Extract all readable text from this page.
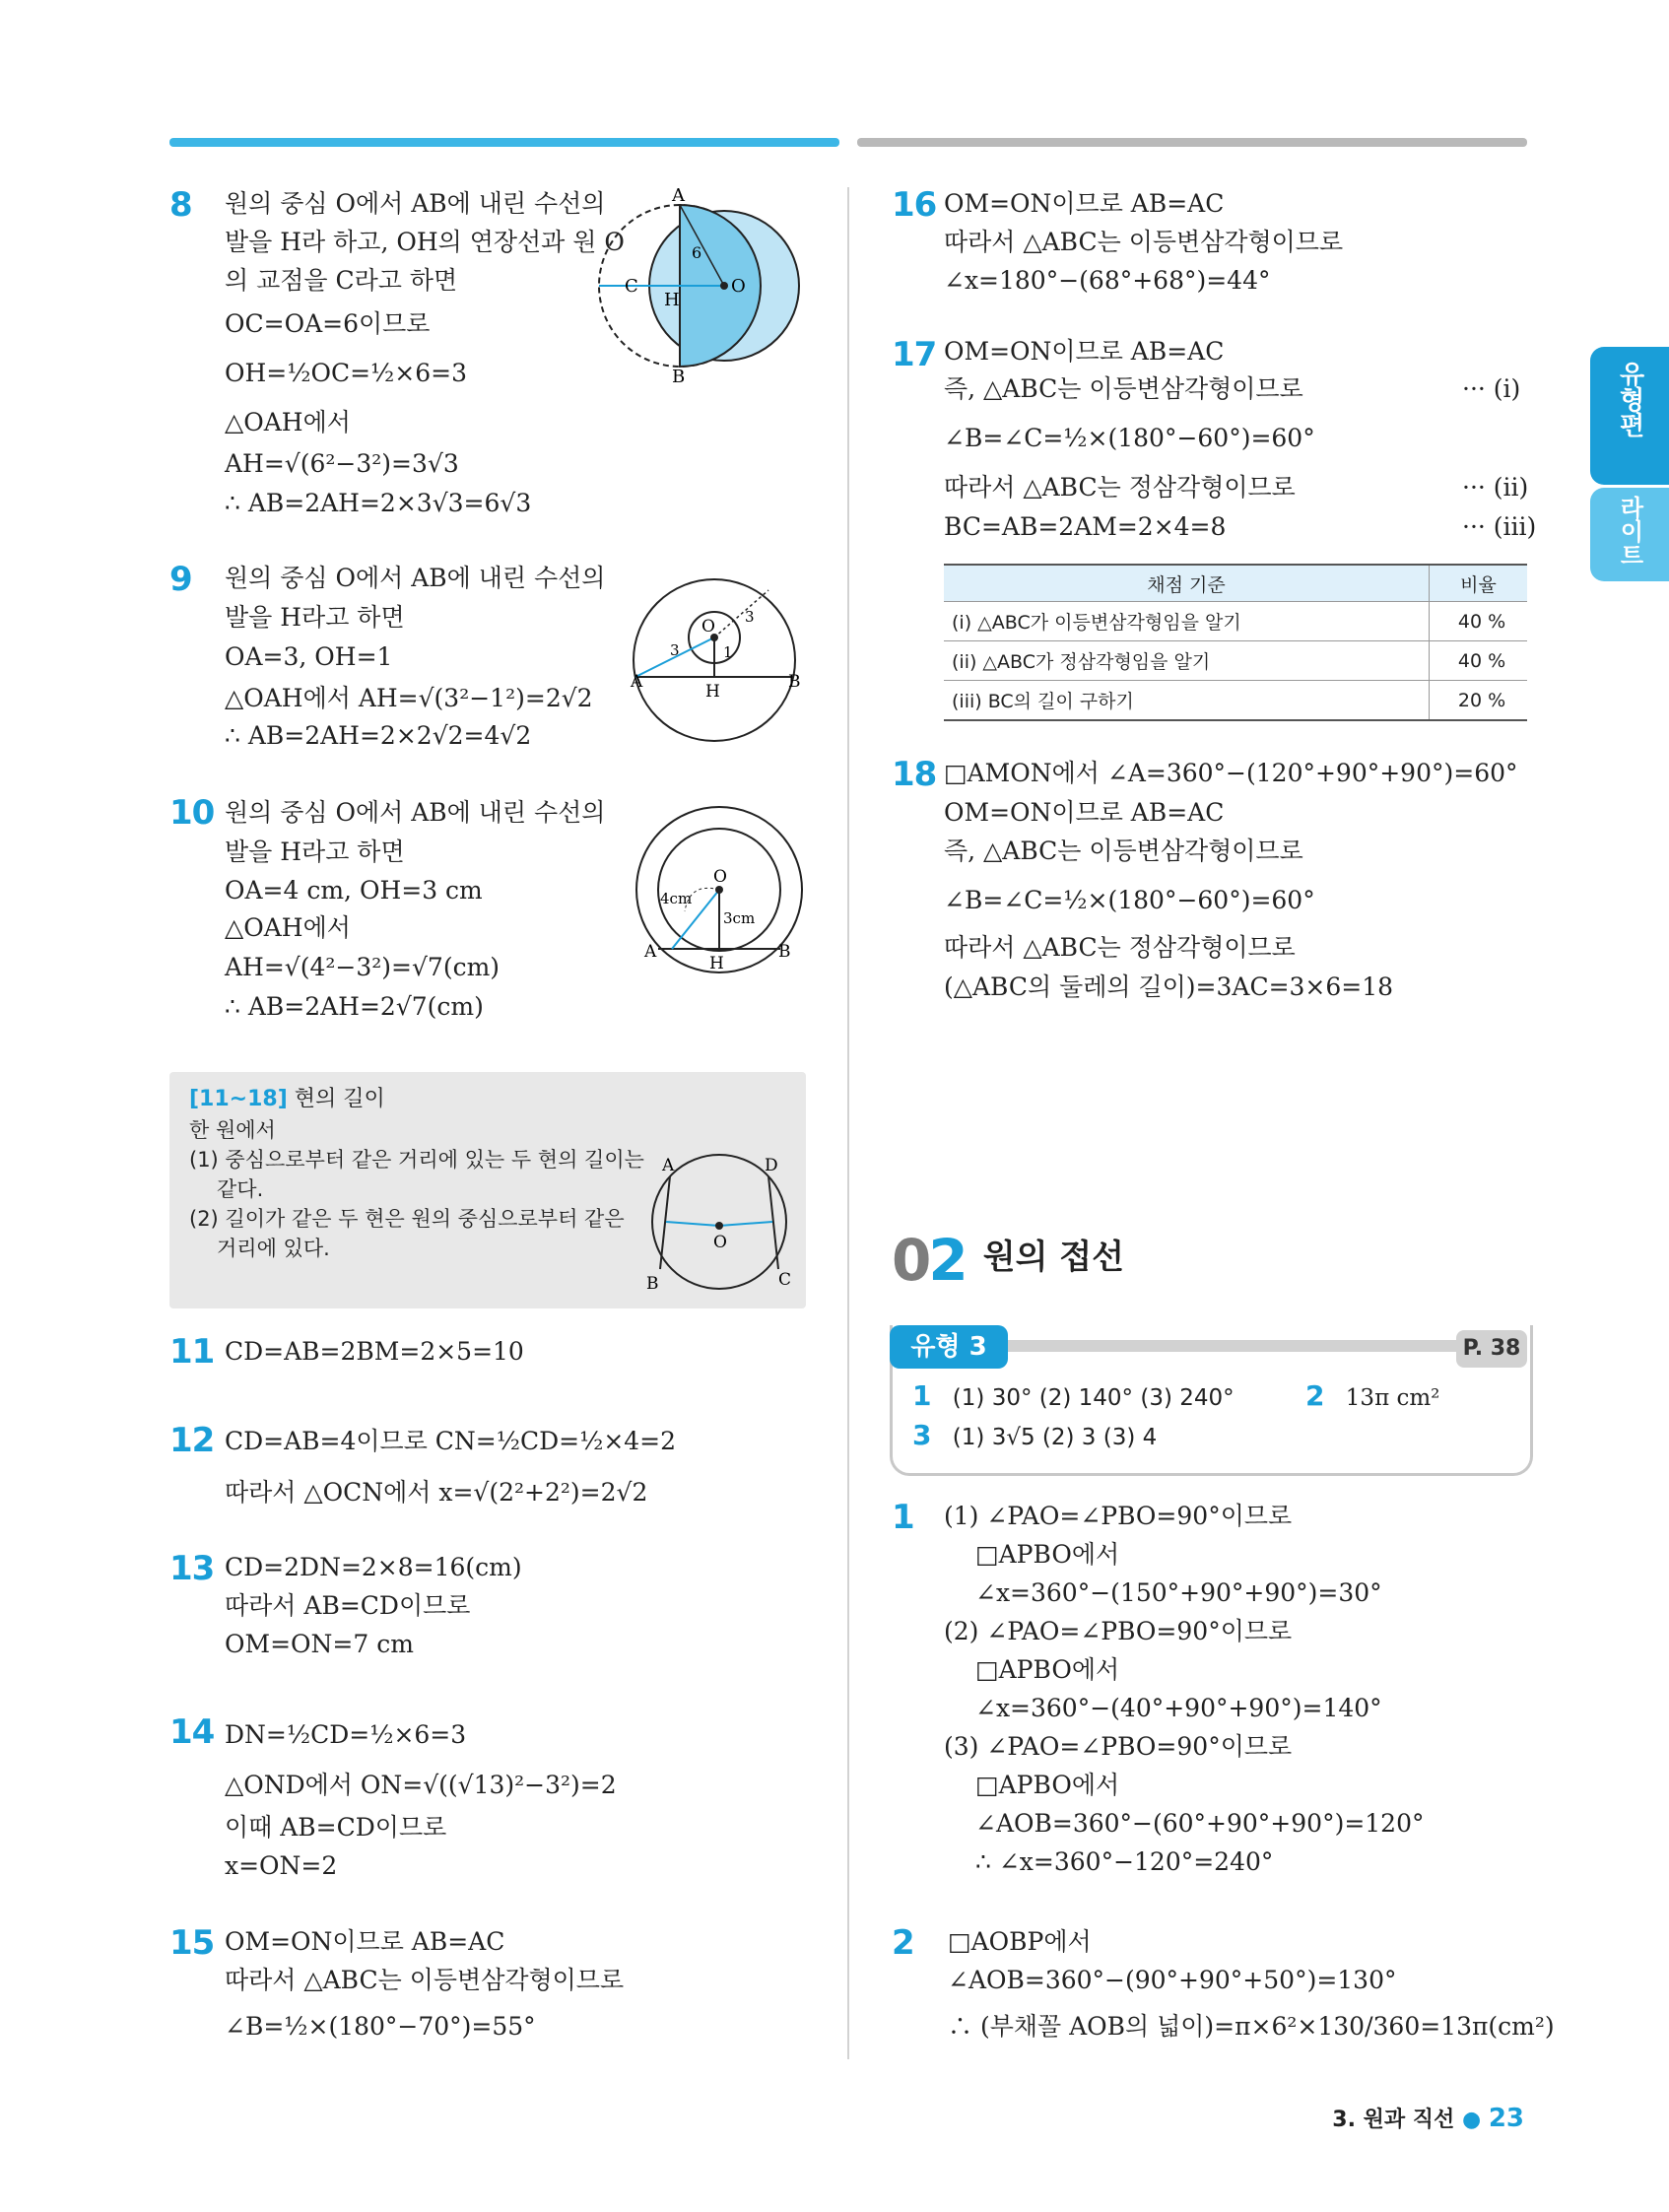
유형편
라이트
8 원의 중심 O에서 AB에 내린 수선의
발을 H라 하고, OH의 연장선과 원 O
의 교점을 C라고 하면
OC=OA=6이므로
OH=½OC=½×6=3
△OAH에서
AH=√(6²−3²)=3√3
∴ AB=2AH=2×3√3=6√3
A
B
C
H
O
6
9 원의 중심 O에서 AB에 내린 수선의
발을 H라고 하면
OA=3, OH=1
△OAH에서 AH=√(3²−1²)=2√2
∴ AB=2AH=2×2√2=4√2
A	B
H
O
3	1
3
10 원의 중심 O에서 AB에 내린 수선의
발을 H라고 하면
OA=4 cm, OH=3 cm
△OAH에서
AH=√(4²−3²)=√7(cm)
∴ AB=2AH=2√7(cm)
A	B
H
O
4cm
3cm
[11~18] 현의 길이
한 원에서
(1) 중심으로부터 같은 거리에 있는 두 현의 길이는
같다.
(2) 길이가 같은 두 현은 원의 중심으로부터 같은
거리에 있다.
A	D
B	C
O
11 CD=AB=2BM=2×5=10
12 CD=AB=4이므로 CN=½CD=½×4=2
따라서 △OCN에서 x=√(2²+2²)=2√2
13 CD=2DN=2×8=16(cm)
따라서 AB=CD이므로
OM=ON=7 cm
14 DN=½CD=½×6=3
△OND에서 ON=√((√13)²−3²)=2
이때 AB=CD이므로
x=ON=2
15 OM=ON이므로 AB=AC
따라서 △ABC는 이등변삼각형이므로
∠B=½×(180°−70°)=55°
16 OM=ON이므로 AB=AC
따라서 △ABC는 이등변삼각형이므로
∠x=180°−(68°+68°)=44°
17 OM=ON이므로 AB=AC
즉, △ABC는 이등변삼각형이므로
∠B=∠C=½×(180°−60°)=60°
따라서 △ABC는 정삼각형이므로
BC=AB=2AM=2×4=8
··· (i)
··· (ii)
··· (iii)
채점 기준	비율
(i) △ABC가 이등변삼각형임을 알기	40 %
(ii) △ABC가 정삼각형임을 알기	40 %
(iii) BC의 길이 구하기	20 %
18 □AMON에서 ∠A=360°−(120°+90°+90°)=60°
OM=ON이므로 AB=AC
즉, △ABC는 이등변삼각형이므로
∠B=∠C=½×(180°−60°)=60°
따라서 △ABC는 정삼각형이므로
(△ABC의 둘레의 길이)=3AC=3×6=18
02 원의 접선
유형 3	P. 38
1 (1) 30° (2) 140° (3) 240°	2 13π cm²
3 (1) 3√5 (2) 3 (3) 4
1 (1) ∠PAO=∠PBO=90°이므로
□APBO에서
∠x=360°−(150°+90°+90°)=30°
(2) ∠PAO=∠PBO=90°이므로
□APBO에서
∠x=360°−(40°+90°+90°)=140°
(3) ∠PAO=∠PBO=90°이므로
□APBO에서
∠AOB=360°−(60°+90°+90°)=120°
∴ ∠x=360°−120°=240°
2 □AOBP에서
∠AOB=360°−(90°+90°+50°)=130°
∴ (부채꼴 AOB의 넓이)=π×6²×130/360=13π(cm²)
3. 원과 직선 ● 23
